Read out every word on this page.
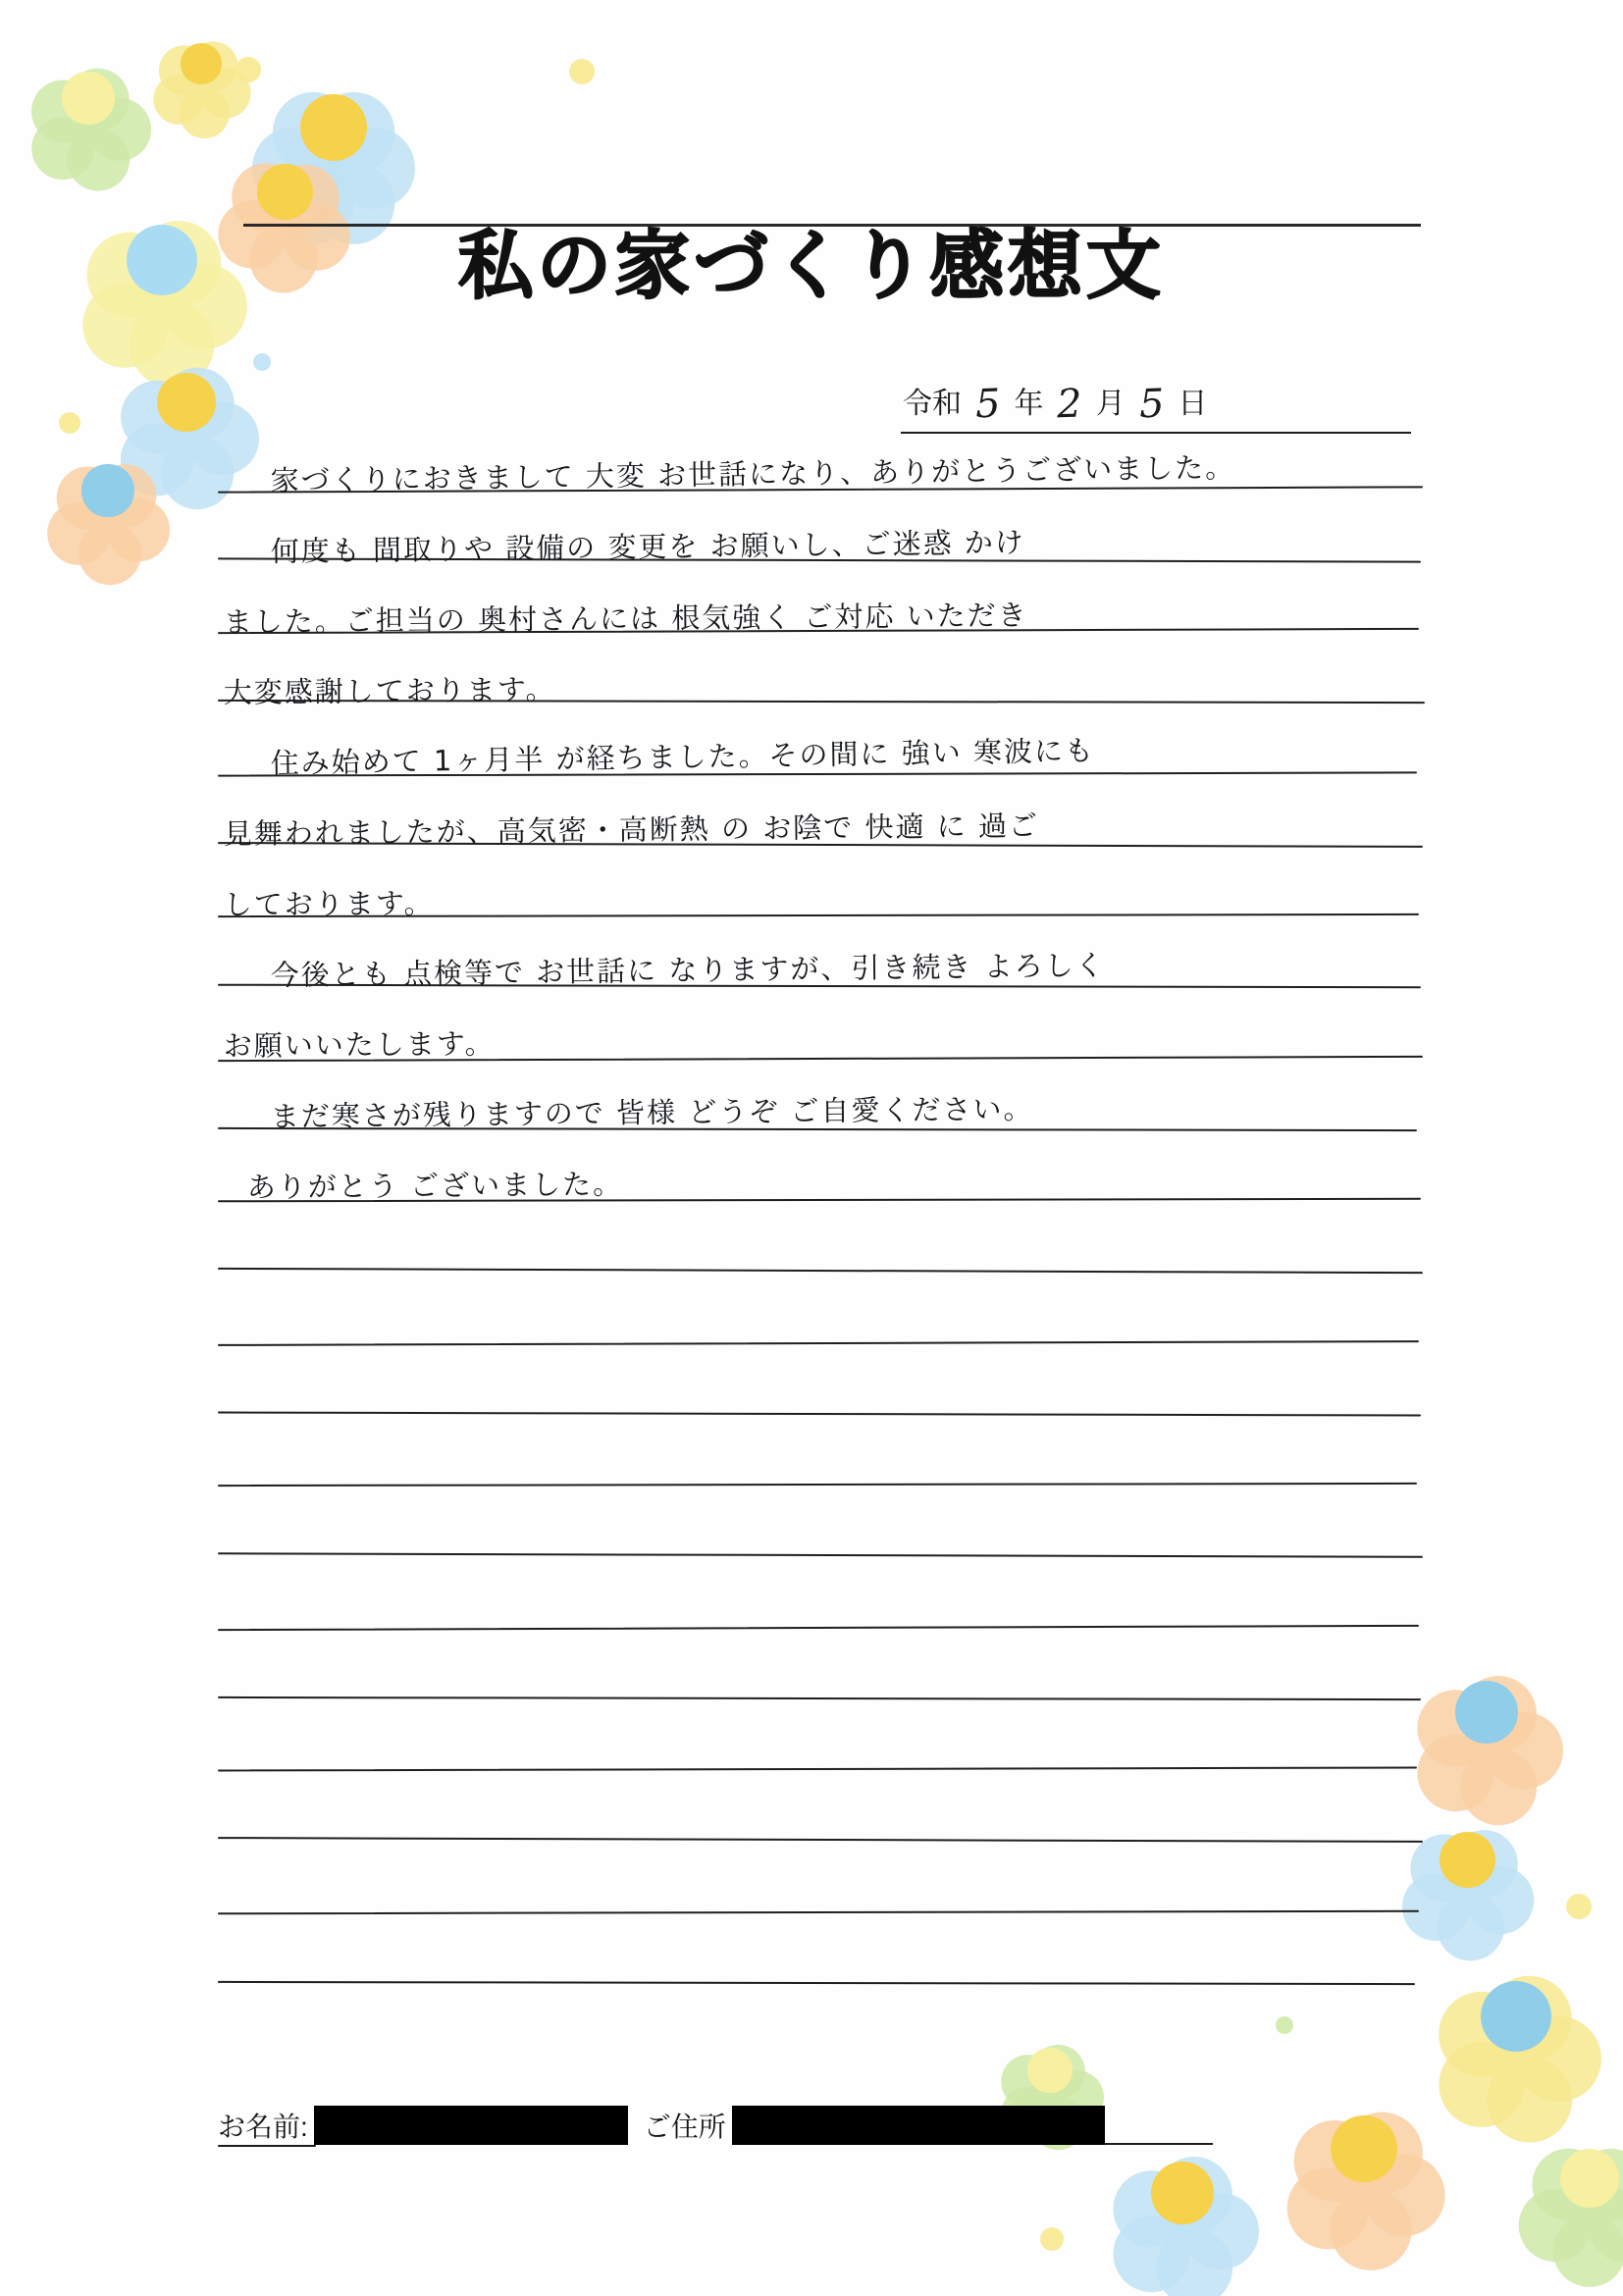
私の家づくり感想文
令和 5 年 2 月 5 日
家づくりにおきまして 大変 お世話になり、ありがとうございました。
何度も 間取りや 設備の 変更を お願いし、ご迷惑 かけ
ました。ご担当の 奥村さんには 根気強く ご対応 いただき
大変感謝しております。
住み始めて 1ヶ月半 が経ちました。その間に 強い 寒波にも
見舞われましたが、高気密・高断熱 の お陰で 快適 に 過ご
しております。
今後とも 点検等で お世話に なりますが、引き続き よろしく
お願いいたします。
まだ寒さが残りますので 皆様 どうぞ ご自愛ください。
ありがとう ございました。
お名前:	ご住所
